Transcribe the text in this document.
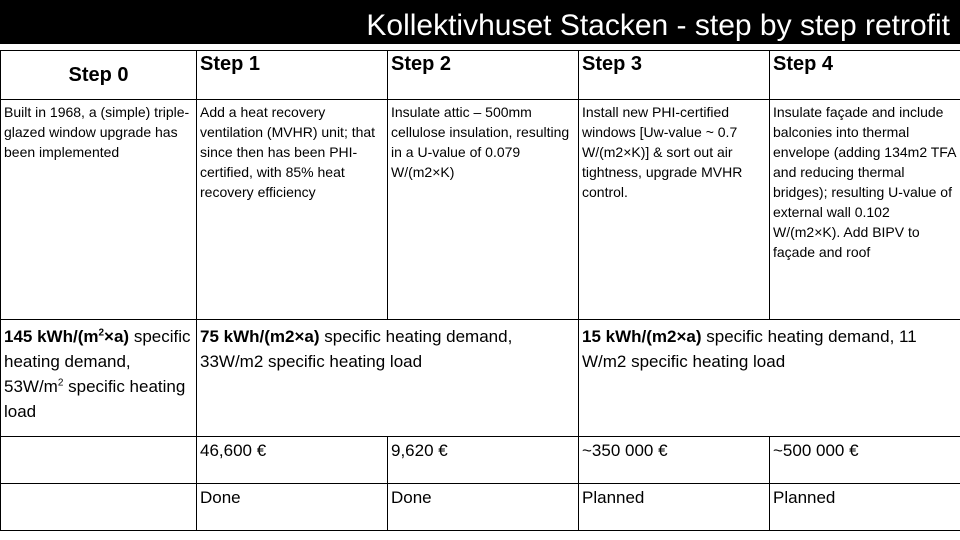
Kollektivhuset Stacken - step by step retrofit
Step 0	Step 1	Step 2	Step 3	Step 4
Built in 1968, a (simple) triple-glazed window upgrade has been implemented	Add a heat recovery ventilation (MVHR) unit; that since then has been PHI-certified, with 85% heat recovery efficiency	Insulate attic – 500mm cellulose insulation, resulting in a U-value of 0.079 W/(m2×K)	Install new PHI-certified windows [Uw-value ~ 0.7 W/(m2×K)] & sort out air tightness, upgrade MVHR control.	Insulate façade and include balconies into thermal envelope (adding 134m2 TFA and reducing thermal bridges); resulting U-value of external wall 0.102 W/(m2×K). Add BIPV to façade and roof
145 kWh/$(m^2\times a)$ specific heating demand, $53W/m^2$ specific heating load	75 kWh/(m2×a) specific heating demand, 33W/m2 specific heating load		15 kWh/(m2×a) specific heating demand, 11 W/m2 specific heating load	
	46,600 €	9,620 €	~350 000 €	~500 000 €
	Done	Done	Planned	Planned
